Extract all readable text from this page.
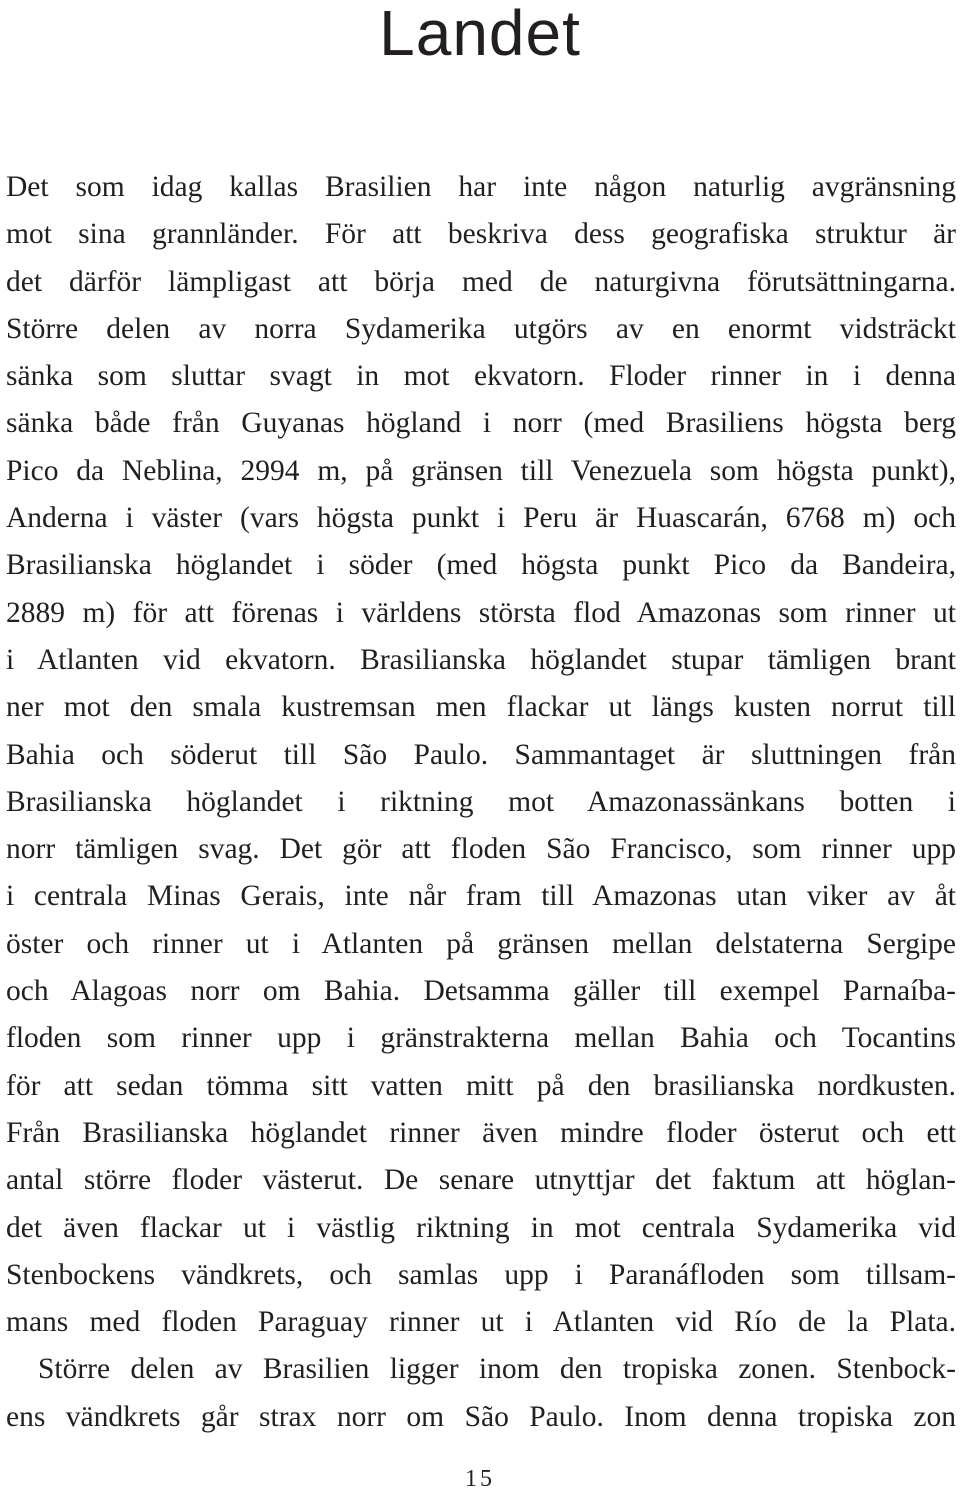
Landet
Det som idag kallas Brasilien har inte någon naturlig avgränsning
mot sina grannländer. För att beskriva dess geografiska struktur är
det därför lämpligast att börja med de naturgivna förutsättningarna.
Större delen av norra Sydamerika utgörs av en enormt vidsträckt
sänka som sluttar svagt in mot ekvatorn. Floder rinner in i denna
sänka både från Guyanas högland i norr (med Brasiliens högsta berg
Pico da Neblina, 2994 m, på gränsen till Venezuela som högsta punkt),
Anderna i väster (vars högsta punkt i Peru är Huascarán, 6768 m) och
Brasilianska höglandet i söder (med högsta punkt Pico da Bandeira,
2889 m) för att förenas i världens största flod Amazonas som rinner ut
i Atlanten vid ekvatorn. Brasilianska höglandet stupar tämligen brant
ner mot den smala kustremsan men flackar ut längs kusten norrut till
Bahia och söderut till São Paulo. Sammantaget är sluttningen från
Brasilianska höglandet i riktning mot Amazonassänkans botten i
norr tämligen svag. Det gör att floden São Francisco, som rinner upp
i centrala Minas Gerais, inte når fram till Amazonas utan viker av åt
öster och rinner ut i Atlanten på gränsen mellan delstaterna Sergipe
och Alagoas norr om Bahia. Detsamma gäller till exempel Parnaíba-
floden som rinner upp i gränstrakterna mellan Bahia och Tocantins
för att sedan tömma sitt vatten mitt på den brasilianska nordkusten.
Från Brasilianska höglandet rinner även mindre floder österut och ett
antal större floder västerut. De senare utnyttjar det faktum att höglan-
det även flackar ut i västlig riktning in mot centrala Sydamerika vid
Stenbockens vändkrets, och samlas upp i Paranáfloden som tillsam-
mans med floden Paraguay rinner ut i Atlanten vid Río de la Plata.
Större delen av Brasilien ligger inom den tropiska zonen. Stenbock-
ens vändkrets går strax norr om São Paulo. Inom denna tropiska zon
15
